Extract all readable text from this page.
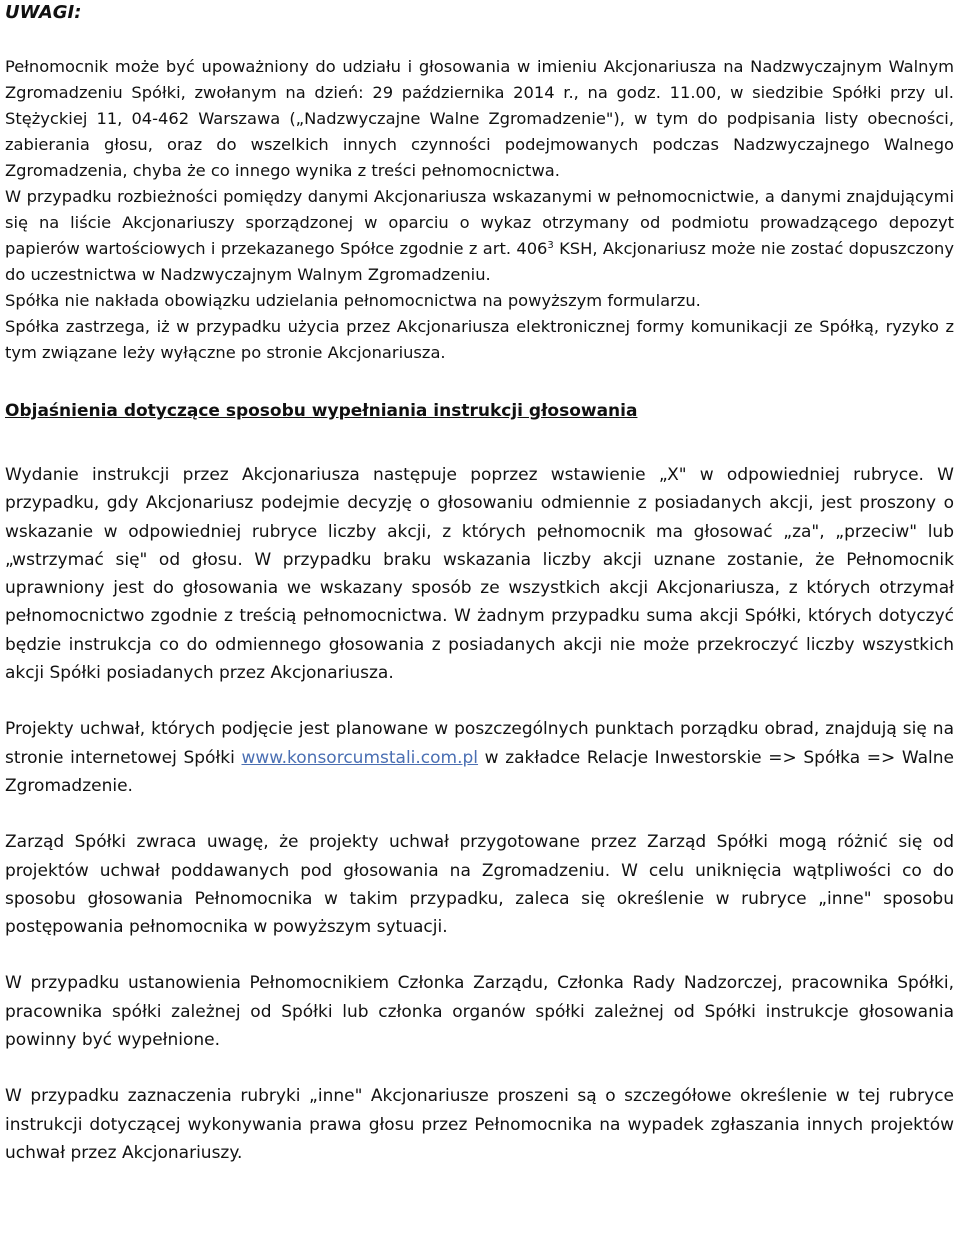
UWAGI:

Pełnomocnik może być upoważniony do udziału i głosowania w imieniu Akcjonariusza na Nadzwyczajnym Walnym Zgromadzeniu Spółki, zwołanym na dzień: 29 października 2014 r., na godz. 11.00, w siedzibie Spółki przy ul. Stężyckiej 11, 04-462 Warszawa („Nadzwyczajne Walne Zgromadzenie"), w tym do podpisania listy obecności, zabierania głosu, oraz do wszelkich innych czynności podejmowanych podczas Nadzwyczajnego Walnego Zgromadzenia, chyba że co innego wynika z treści pełnomocnictwa.

W przypadku rozbieżności pomiędzy danymi Akcjonariusza wskazanymi w pełnomocnictwie, a danymi znajdującymi się na liście Akcjonariuszy sporządzonej w oparciu o wykaz otrzymany od podmiotu prowadzącego depozyt papierów wartościowych i przekazanego Spółce zgodnie z art. $406^3$ KSH, Akcjonariusz może nie zostać dopuszczony do uczestnictwa w Nadzwyczajnym Walnym Zgromadzeniu.

Spółka nie nakłada obowiązku udzielania pełnomocnictwa na powyższym formularzu.

Spółka zastrzega, iż w przypadku użycia przez Akcjonariusza elektronicznej formy komunikacji ze Spółką, ryzyko z tym związane leży wyłączne po stronie Akcjonariusza.

Objaśnienia dotyczące sposobu wypełniania instrukcji głosowania

Wydanie instrukcji przez Akcjonariusza następuje poprzez wstawienie „X" w odpowiedniej rubryce. W przypadku, gdy Akcjonariusz podejmie decyzję o głosowaniu odmiennie z posiadanych akcji, jest proszony o wskazanie w odpowiedniej rubryce liczby akcji, z których pełnomocnik ma głosować „za", „przeciw" lub „wstrzymać się" od głosu. W przypadku braku wskazania liczby akcji uznane zostanie, że Pełnomocnik uprawniony jest do głosowania we wskazany sposób ze wszystkich akcji Akcjonariusza, z których otrzymał pełnomocnictwo zgodnie z treścią pełnomocnictwa. W żadnym przypadku suma akcji Spółki, których dotyczyć będzie instrukcja co do odmiennego głosowania z posiadanych akcji nie może przekroczyć liczby wszystkich akcji Spółki posiadanych przez Akcjonariusza.

Projekty uchwał, których podjęcie jest planowane w poszczególnych punktach porządku obrad, znajdują się na stronie internetowej Spółki www.konsorcumstali.com.pl w zakładce Relacje Inwestorskie => Spółka => Walne Zgromadzenie.

Zarząd Spółki zwraca uwagę, że projekty uchwał przygotowane przez Zarząd Spółki mogą różnić się od projektów uchwał poddawanych pod głosowania na Zgromadzeniu. W celu uniknięcia wątpliwości co do sposobu głosowania Pełnomocnika w takim przypadku, zaleca się określenie w rubryce „inne" sposobu postępowania pełnomocnika w powyższym sytuacji.

W przypadku ustanowienia Pełnomocnikiem Członka Zarządu, Członka Rady Nadzorczej, pracownika Spółki, pracownika spółki zależnej od Spółki lub członka organów spółki zależnej od Spółki instrukcje głosowania powinny być wypełnione.

W przypadku zaznaczenia rubryki „inne" Akcjonariusze proszeni są o szczegółowe określenie w tej rubryce instrukcji dotyczącej wykonywania prawa głosu przez Pełnomocnika na wypadek zgłaszania innych projektów uchwał przez Akcjonariuszy.
